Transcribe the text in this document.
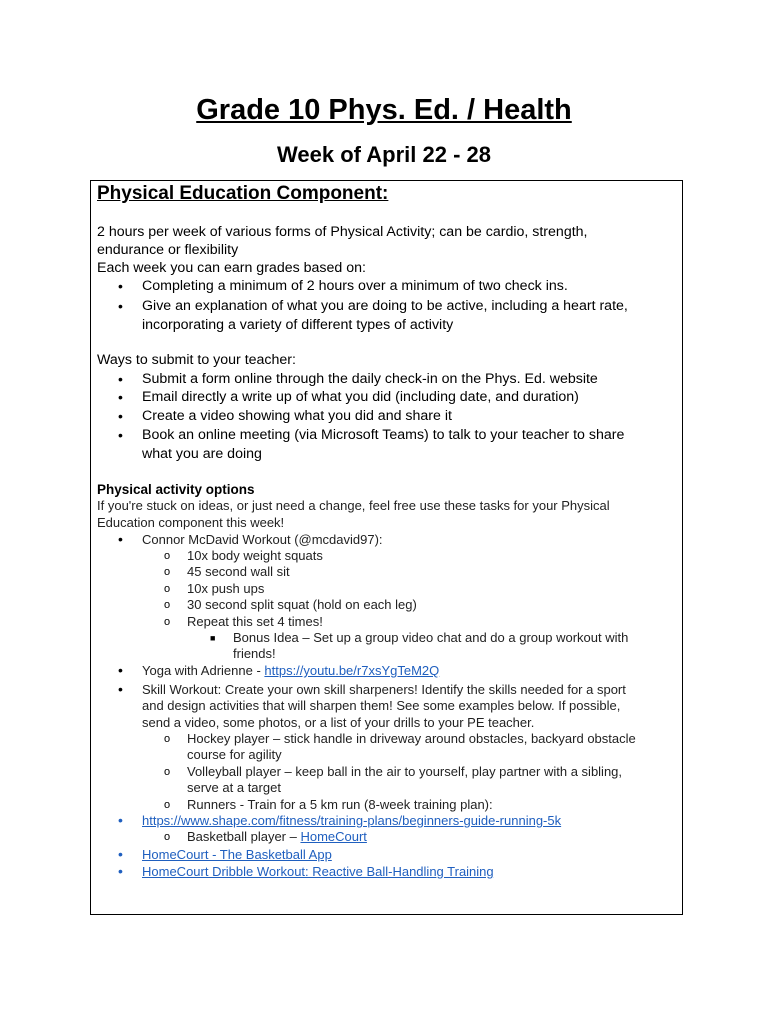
Grade 10 Phys. Ed. / Health
Week of April 22 - 28
Physical Education Component:
2 hours per week of various forms of Physical Activity; can be cardio, strength,
endurance or flexibility
Each week you can earn grades based on:
• Completing a minimum of 2 hours over a minimum of two check ins.
• Give an explanation of what you are doing to be active, including a heart rate,
incorporating a variety of different types of activity
Ways to submit to your teacher:
• Submit a form online through the daily check-in on the Phys. Ed. website
• Email directly a write up of what you did (including date, and duration)
• Create a video showing what you did and share it
• Book an online meeting (via Microsoft Teams) to talk to your teacher to share
what you are doing
Physical activity options
If you're stuck on ideas, or just need a change, feel free use these tasks for your Physical
Education component this week!
• Connor McDavid Workout (@mcdavid97):
o 10x body weight squats
o 45 second wall sit
o 10x push ups
o 30 second split squat (hold on each leg)
o Repeat this set 4 times!
■ Bonus Idea – Set up a group video chat and do a group workout with
friends!
• Yoga with Adrienne - https://youtu.be/r7xsYgTeM2Q
• Skill Workout: Create your own skill sharpeners! Identify the skills needed for a sport
and design activities that will sharpen them! See some examples below. If possible,
send a video, some photos, or a list of your drills to your PE teacher.
o Hockey player – stick handle in driveway around obstacles, backyard obstacle
course for agility
o Volleyball player – keep ball in the air to yourself, play partner with a sibling,
serve at a target
o Runners - Train for a 5 km run (8-week training plan):
• https://www.shape.com/fitness/training-plans/beginners-guide-running-5k
o Basketball player – HomeCourt
• HomeCourt - The Basketball App
• HomeCourt Dribble Workout: Reactive Ball-Handling Training
